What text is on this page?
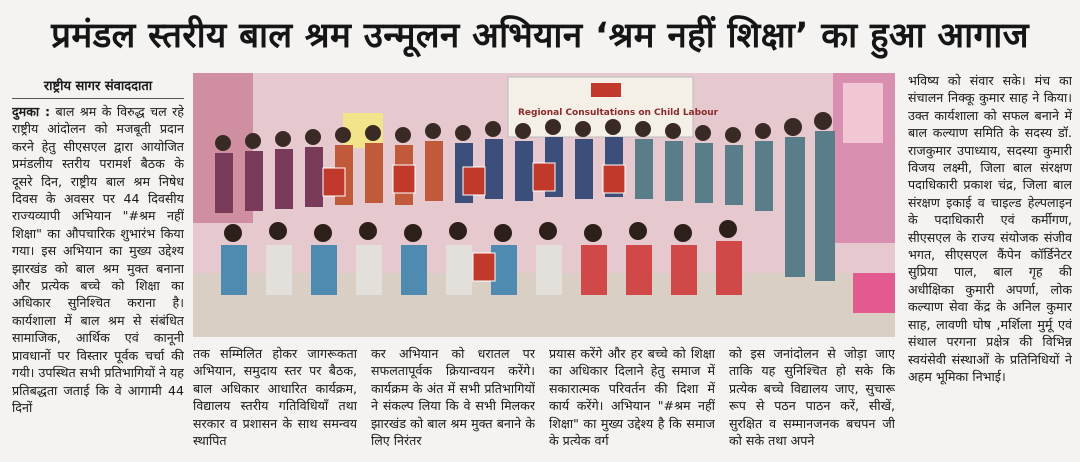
प्रमंडल स्तरीय बाल श्रम उन्मूलन अभियान ‘श्रम नहीं शिक्षा’ का हुआ आगाज
राष्ट्रीय सागर संवाददाता

दुमका : बाल श्रम के विरुद्ध चल रहे राष्ट्रीय आंदोलन को मजबूती प्रदान करने हेतु सीएसएल द्वारा आयोजित प्रमंडलीय स्तरीय परामर्श बैठक के दूसरे दिन, राष्ट्रीय बाल श्रम निषेध दिवस के अवसर पर 44 दिवसीय राज्यव्यापी अभियान "#श्रम नहीं शिक्षा" का औपचारिक शुभारंभ किया गया। इस अभियान का मुख्य उद्देश्य झारखंड को बाल श्रम मुक्त बनाना और प्रत्येक बच्चे को शिक्षा का अधिकार सुनिश्चित कराना है। कार्यशाला में बाल श्रम से संबंधित सामाजिक, आर्थिक एवं कानूनी प्रावधानों पर विस्तार पूर्वक चर्चा की गयी। उपस्थित सभी प्रतिभागियों ने यह प्रतिबद्धता जताई कि वे आगामी 44 दिनों

Regional Consultations on Child Labour

तक सम्मिलित होकर जागरूकता अभियान, समुदाय स्तर पर बैठक, बाल अधिकार आधारित कार्यक्रम, विद्यालय स्तरीय गतिविधियाँ तथा सरकार व प्रशासन के साथ समन्वय स्थापित

कर अभियान को धरातल पर सफलतापूर्वक क्रियान्वयन करेंगे।कार्यक्रम के अंत में सभी प्रतिभागियों ने संकल्प लिया कि वे सभी मिलकर झारखंड को बाल श्रम मुक्त बनाने के लिए निरंतर

प्रयास करेंगे और हर बच्चे को शिक्षा का अधिकार दिलाने हेतु समाज में सकारात्मक परिवर्तन की दिशा में कार्य करेंगे। अभियान "#श्रम नहीं शिक्षा" का मुख्य उद्देश्य है कि समाज के प्रत्येक वर्ग

को इस जनांदोलन से जोड़ा जाए ताकि यह सुनिश्चित हो सके कि प्रत्येक बच्चे विद्यालय जाए, सुचारू रूप से पठन पाठन करें, सीखें, सुरक्षित व सम्मानजनक बचपन जी को सके तथा अपने

भविष्य को संवार सके। मंच का संचालन निक्कू कुमार साह ने किया। उक्त कार्यशाला को सफल बनाने में बाल कल्याण समिति के सदस्य डॉ. राजकुमार उपाध्याय, सदस्या कुमारी विजय लक्ष्मी, जिला बाल संरक्षण पदाधिकारी प्रकाश चंद्र, जिला बाल संरक्षण इकाई व चाइल्ड हेल्पलाइन के पदाधिकारी एवं कर्मीगण, सीएसएल के राज्य संयोजक संजीव भगत, सीएसएल कैंपेन कॉर्डिनेटर सुप्रिया पाल, बाल गृह की अधीक्षिका कुमारी अपर्णा, लोक कल्याण सेवा केंद्र के अनिल कुमार साह, लावणी घोष ,मर्शिला मुर्मू एवं संथाल परगना प्रक्षेत्र की विभिन्न स्वयंसेवी संस्थाओं के प्रतिनिधियों ने अहम भूमिका निभाई।
